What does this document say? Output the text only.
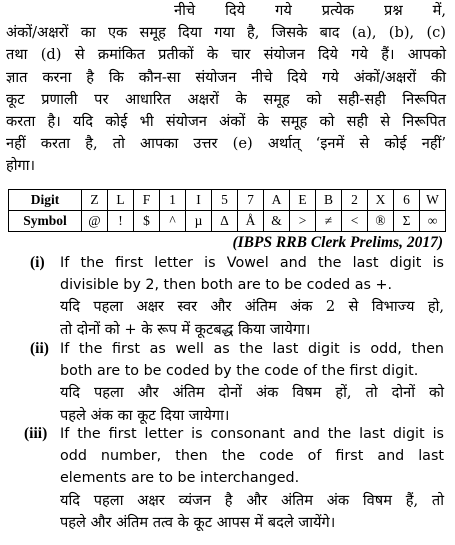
नीचे दिये गये प्रत्येक प्रश्न में,
अंकों/अक्षरों का एक समूह दिया गया है, जिसके बाद (a), (b), (c)
तथा (d) से क्रमांकित प्रतीकों के चार संयोजन दिये गये हैं। आपको
ज्ञात करना है कि कौन-सा संयोजन नीचे दिये गये अंकों/अक्षरों की
कूट प्रणाली पर आधारित अक्षरों के समूह को सही-सही निरूपित
करता है। यदि कोई भी संयोजन अंकों के समूह को सही से निरूपित
नहीं करता है, तो आपका उत्तर (e) अर्थात् ‘इनमें से कोई नहीं’
होगा।
Digit	Z	L	F	1	I	5	7	A	E	B	2	X	6	W
Symbol	@	!	$	^	µ	Δ	Å	&	>	≠	<	®	Σ	∞
(IBPS RRB Clerk Prelims, 2017)
(i) If the first letter is Vowel and the last digit is
divisible by 2, then both are to be coded as +.
यदि पहला अक्षर स्वर और अंतिम अंक 2 से विभाज्य हो,
तो दोनों को + के रूप में कूटबद्ध किया जायेगा।
(ii) If the first as well as the last digit is odd, then
both are to be coded by the code of the first digit.
यदि पहला और अंतिम दोनों अंक विषम हों, तो दोनों को
पहले अंक का कूट दिया जायेगा।
(iii) If the first letter is consonant and the last digit is
odd number, then the code of first and last
elements are to be interchanged.
यदि पहला अक्षर व्यंजन है और अंतिम अंक विषम हैं, तो
पहले और अंतिम तत्व के कूट आपस में बदले जायेंगे।
